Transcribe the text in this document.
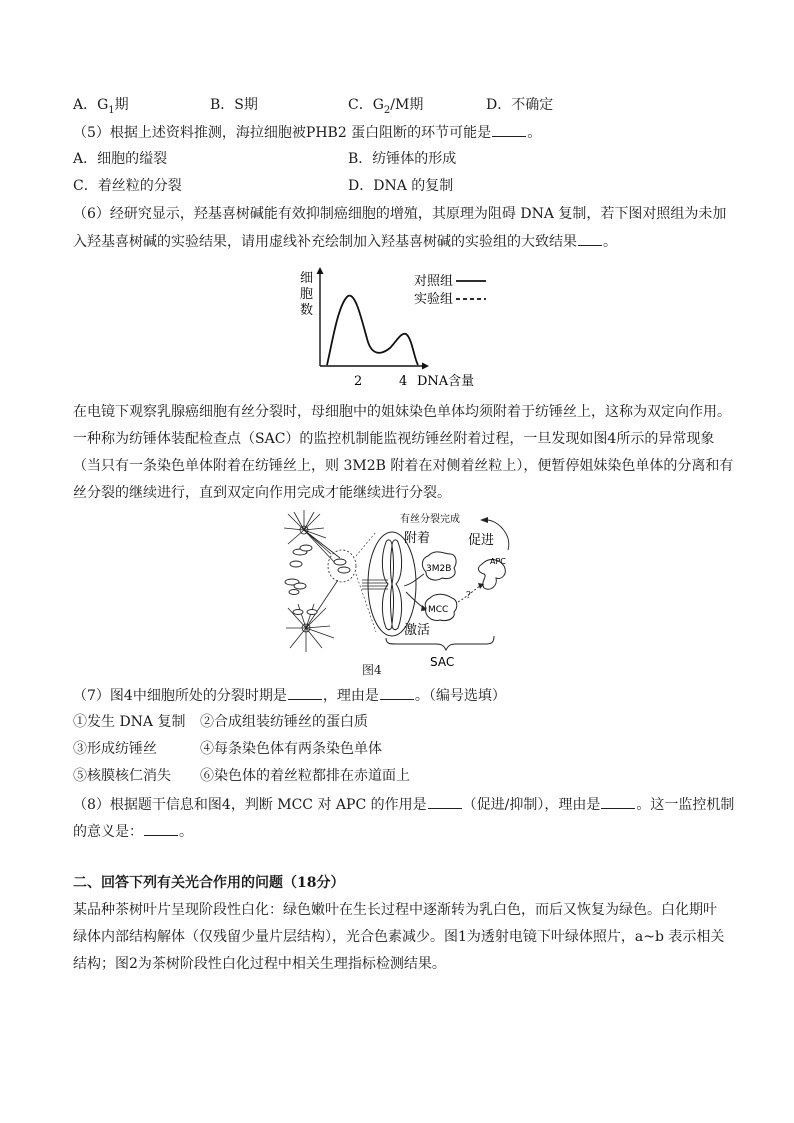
A．$G_1$期	B．S期	C．$G_2/M$期	D．不确定
（5）根据上述资料推测，海拉细胞被PHB2 蛋白阻断的环节可能是	。
A．细胞的缢裂	B．纺锤体的形成
C．着丝粒的分裂	D．DNA 的复制
（6）经研究显示，羟基喜树碱能有效抑制癌细胞的增殖，其原理为阻碍 DNA 复制，若下图对照组为未加
入羟基喜树碱的实验结果，请用虚线补充绘制加入羟基喜树碱的实验组的大致结果 。
细
胞
数
对照组
实验组
2	4 DNA含量
在电镜下观察乳腺癌细胞有丝分裂时，母细胞中的姐妹染色单体均须附着于纺锤丝上，这称为双定向作用。
一种称为纺锤体装配检查点（SAC）的监控机制能监视纺锤丝附着过程，一旦发现如图4所示的异常现象
（当只有一条染色单体附着在纺锤丝上，则 3M2B 附着在对侧着丝粒上），便暂停姐妹染色单体的分离和有
丝分裂的继续进行，直到双定向作用完成才能继续进行分裂。
有丝分裂完成
促进
附着
3M2B
MCC
激活
APC
?
SAC
图4
（7）图4中细胞所处的分裂时期是	，理由是	。（编号选填）
①发生 DNA 复制 ②合成组装纺锤丝的蛋白质
③形成纺锤丝	④每条染色体有两条染色单体
⑤核膜核仁消失 ⑥染色体的着丝粒都排在赤道面上
（8）根据题干信息和图4，判断 MCC 对 APC 的作用是	（促进/抑制），理由是	。这一监控机制
的意义是：	。
二、回答下列有关光合作用的问题（18分）
某品种茶树叶片呈现阶段性白化：绿色嫩叶在生长过程中逐渐转为乳白色，而后又恢复为绿色。白化期叶
绿体内部结构解体（仅残留少量片层结构），光合色素减少。图1为透射电镜下叶绿体照片，a~b 表示相关
结构；图2为茶树阶段性白化过程中相关生理指标检测结果。
